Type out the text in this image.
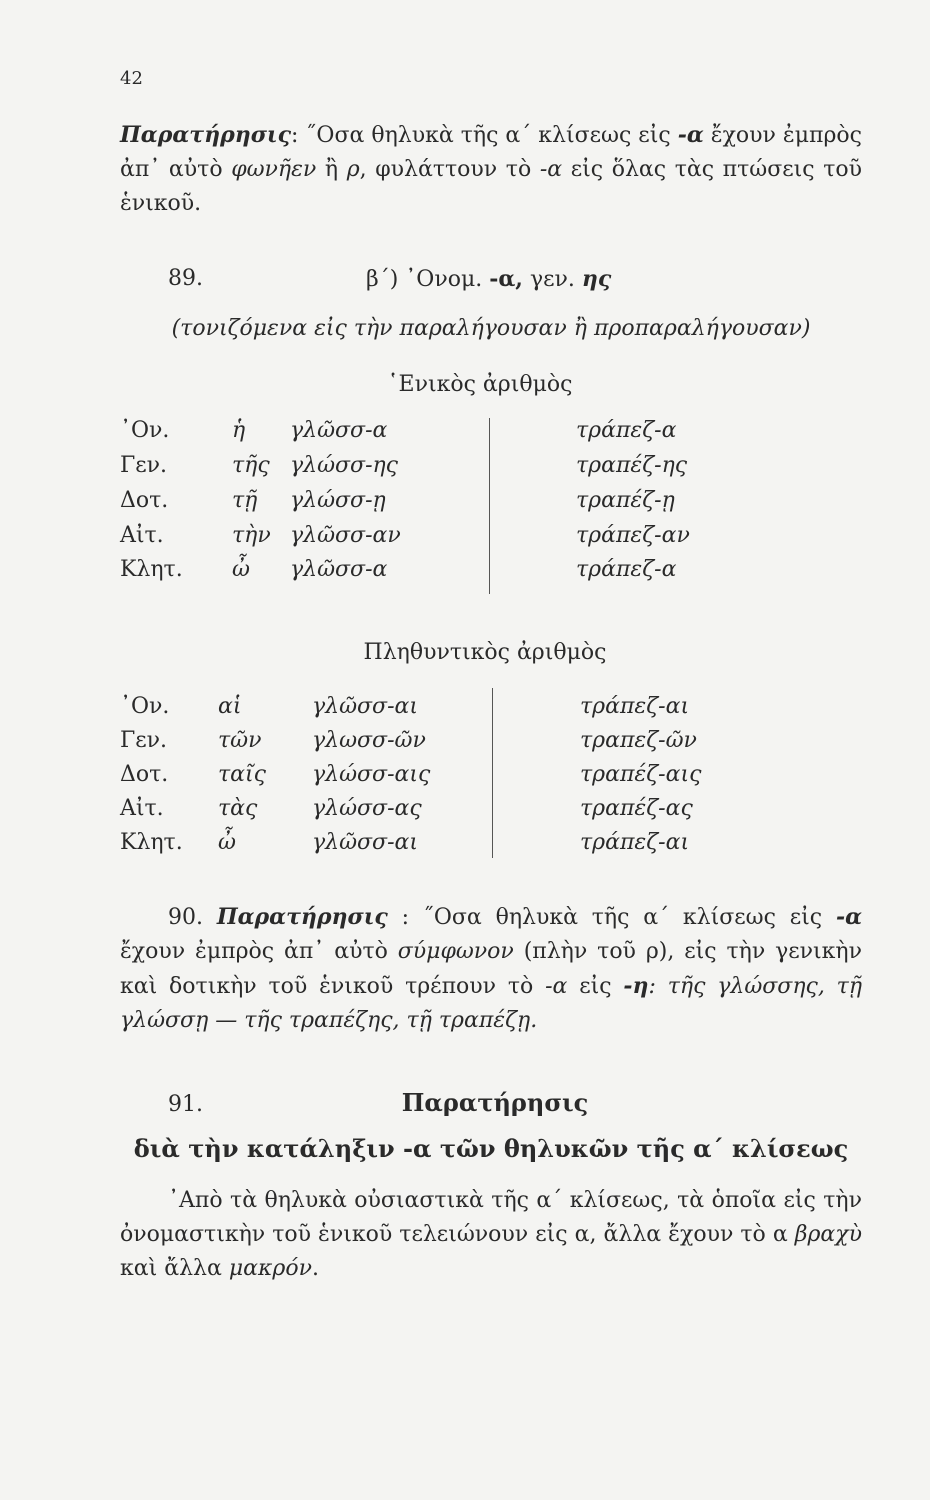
42
Παρατήρησις: ˝Οσα θηλυκὰ τῆς α΄ κλίσεως εἰς -α ἔχουν ἐμπρὸς ἀπ᾽ αὐτὸ φωνῆεν ἢ ρ, φυλάττουν τὸ -α εἰς ὅλας τὰς πτώσεις τοῦ ἑνικοῦ.
89.	β΄) ᾽Ονομ. -α, γεν. ης
(τονιζόμενα εἰς τὴν παραλήγουσαν ἢ προπαραλήγουσαν)
῾Ενικὸς ἀριθμὸς
᾽Ον.	ἡ γλῶσσ-α	τράπεζ-α
Γεν.	τῆς γλώσσ-ης	τραπέζ-ης
Δοτ.	τῇ γλώσσ-ῃ	τραπέζ-ῃ
Αἰτ.	τὴν γλῶσσ-αν	τράπεζ-αν
Κλητ. ὦ γλῶσσ-α	τράπεζ-α
Πληθυντικὸς ἀριθμὸς
᾽Ον. αἱ	γλῶσσ-αι	τράπεζ-αι
Γεν. τῶν γλωσσ-ῶν	τραπεζ-ῶν
Δοτ. ταῖς γλώσσ-αις	τραπέζ-αις
Αἰτ. τὰς γλώσσ-ας	τραπέζ-ας
Κλητ. ὦ	γλῶσσ-αι	τράπεζ-αι
90. Παρατήρησις : ˝Οσα θηλυκὰ τῆς α΄ κλίσεως εἰς -α ἔχουν ἐμπρὸς ἀπ᾽ αὐτὸ σύμφωνον (πλὴν τοῦ ρ), εἰς τὴν γενικὴν καὶ δοτικὴν τοῦ ἑνικοῦ τρέπουν τὸ -α εἰς -η: τῆς γλώσσης, τῇ γλώσσῃ — τῆς τραπέζης, τῇ τραπέζῃ.
91.	Παρατήρησις
διὰ τὴν κατάληξιν -α τῶν θηλυκῶν τῆς α΄ κλίσεως
᾽Απὸ τὰ θηλυκὰ οὐσιαστικὰ τῆς α΄ κλίσεως, τὰ ὁποῖα εἰς τὴν ὀνομαστικὴν τοῦ ἑνικοῦ τελειώνουν εἰς α, ἄλλα ἔχουν τὸ α βραχὺ καὶ ἄλλα μακρόν.
